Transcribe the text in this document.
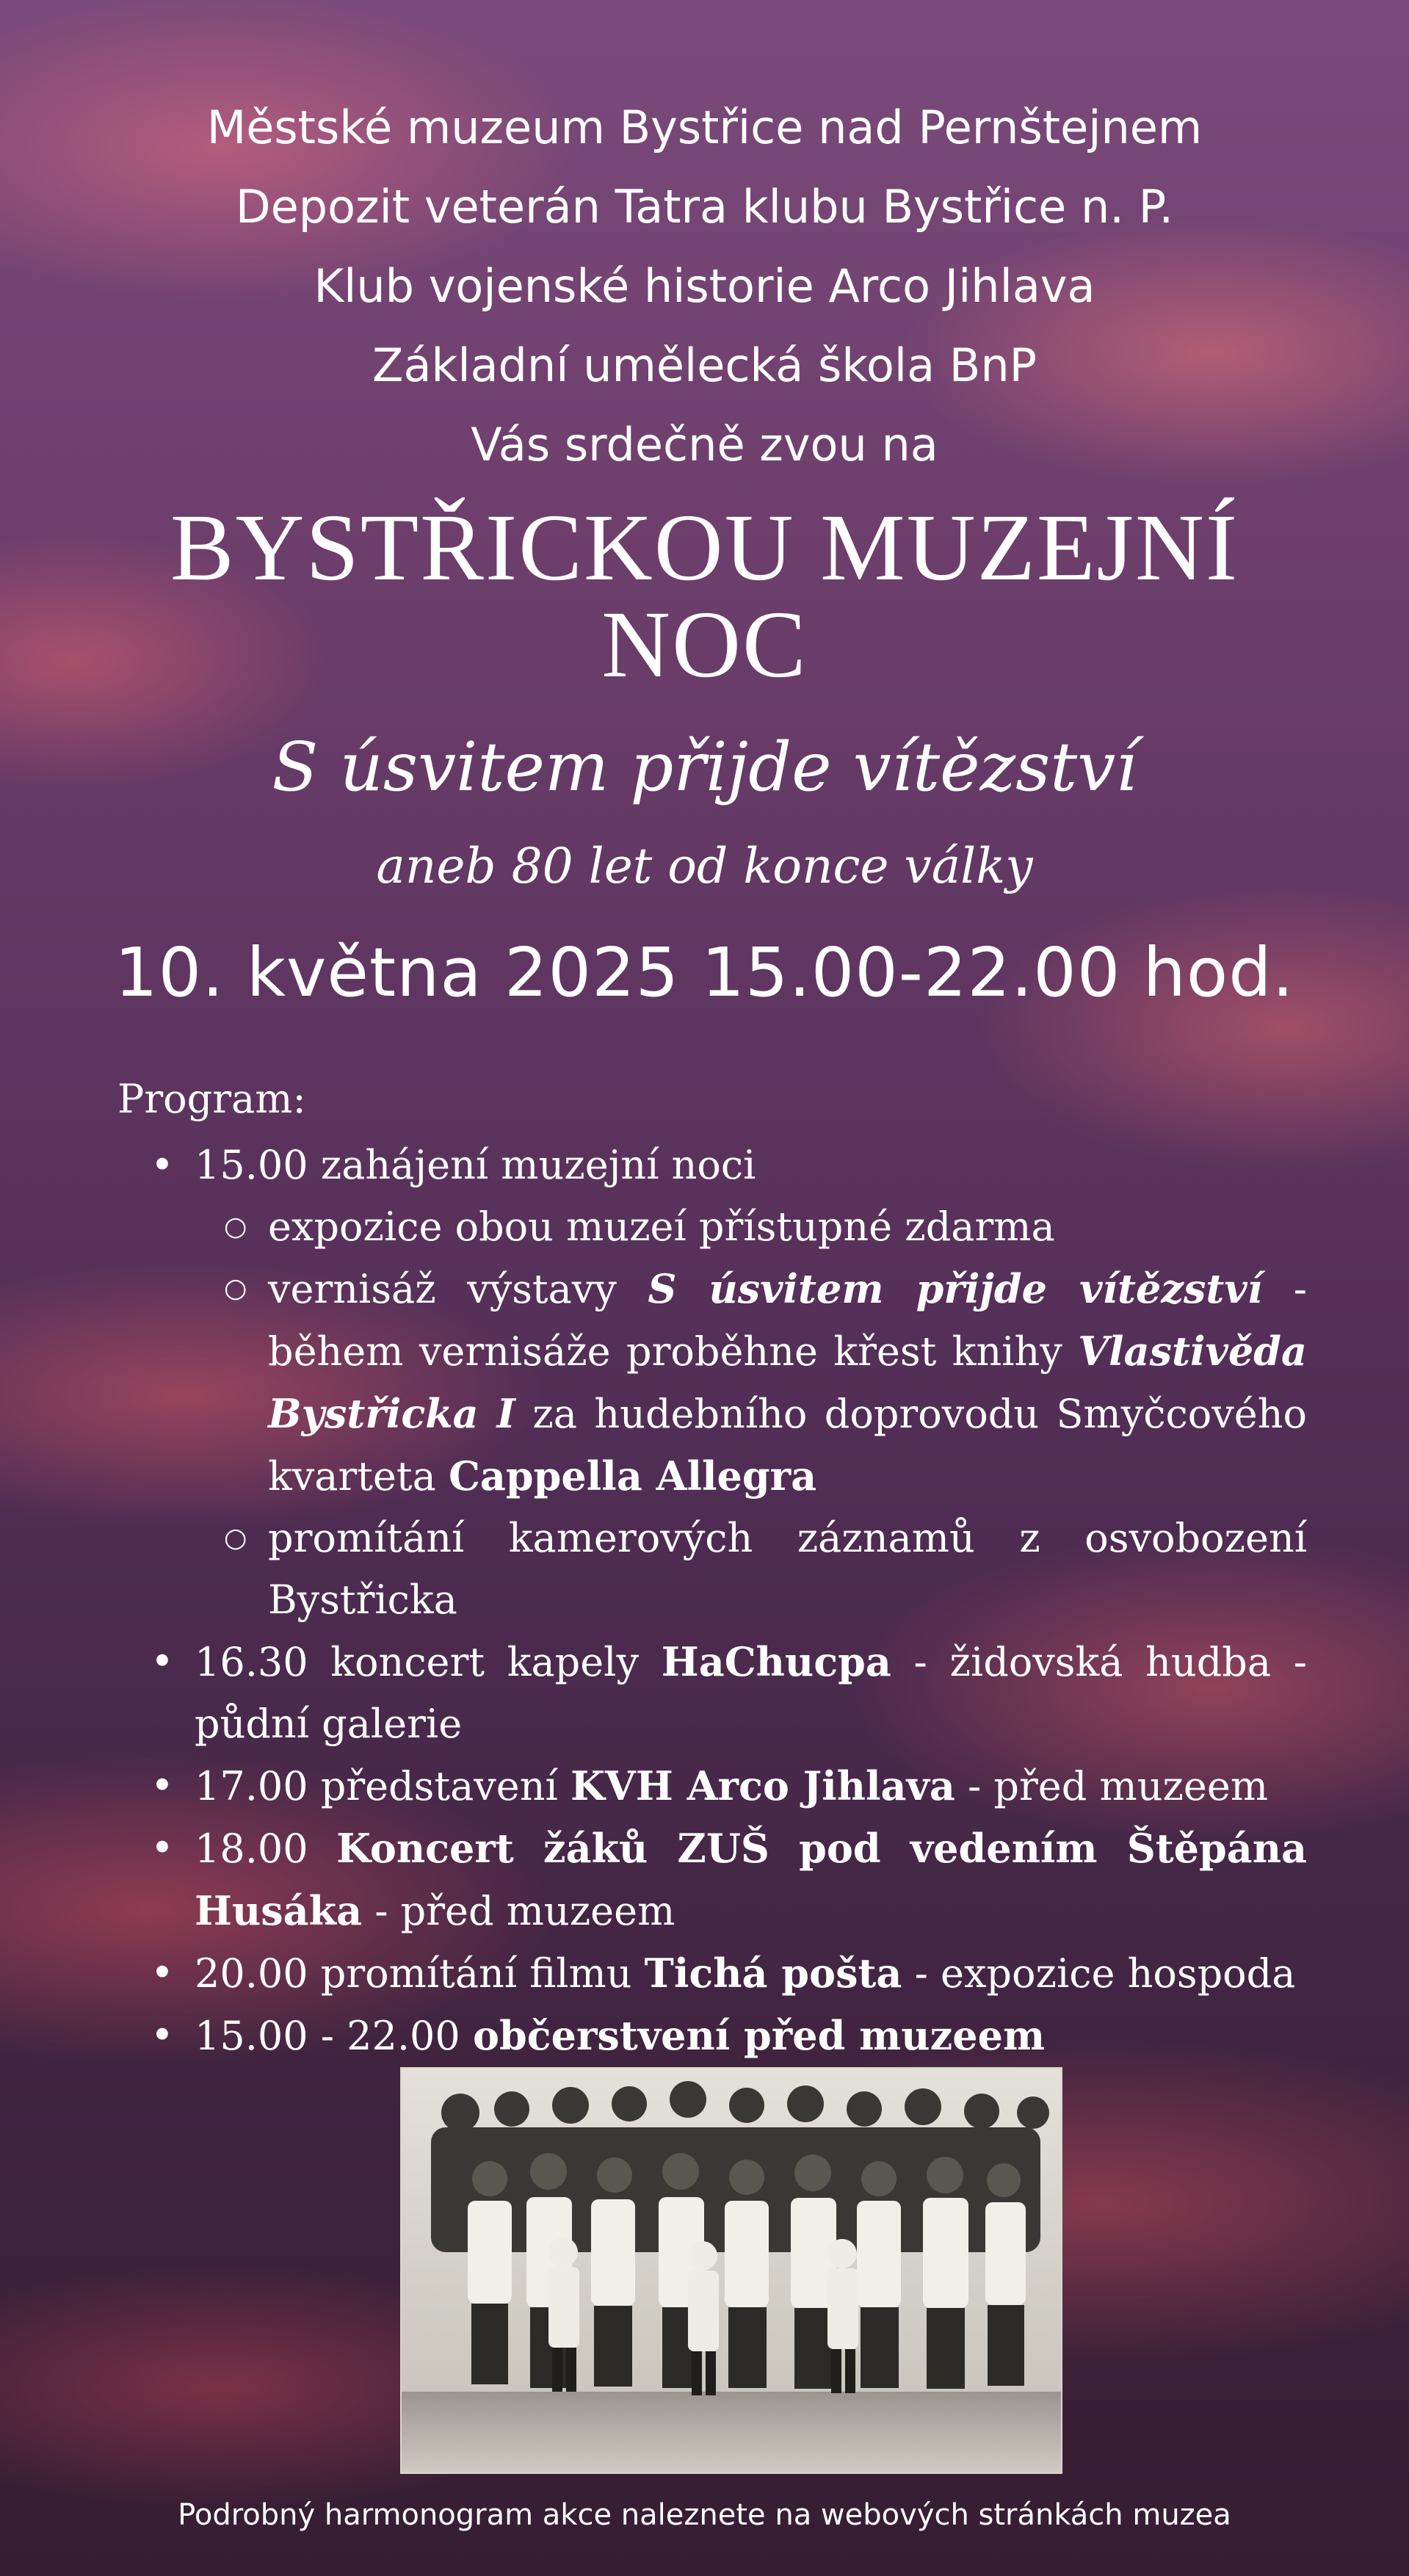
Městské muzeum Bystřice nad Pernštejnem
Depozit veterán Tatra klubu Bystřice n. P.
Klub vojenské historie Arco Jihlava
Základní umělecká škola BnP
Vás srdečně zvou na
BYSTŘICKOU MUZEJNÍ
NOC
S úsvitem přijde vítězství
aneb 80 let od konce války
10. května 2025 15.00-22.00 hod.
Program:
• 15.00 zahájení muzejní noci
○ expozice obou muzeí přístupné zdarma
○ vernisáž výstavy S úsvitem přijde vítězství - během vernisáže proběhne křest knihy Vlastivěda Bystřicka I za hudebního doprovodu Smyčcového kvarteta Cappella Allegra
○ promítání kamerových záznamů z osvobození Bystřicka
• 16.30 koncert kapely HaChucpa - židovská hudba - půdní galerie
• 17.00 představení KVH Arco Jihlava - před muzeem
• 18.00 Koncert žáků ZUŠ pod vedením Štěpána Husáka - před muzeem
• 20.00 promítání filmu Tichá pošta - expozice hospoda
• 15.00 - 22.00 občerstvení před muzeem
Podrobný harmonogram akce naleznete na webových stránkách muzea
